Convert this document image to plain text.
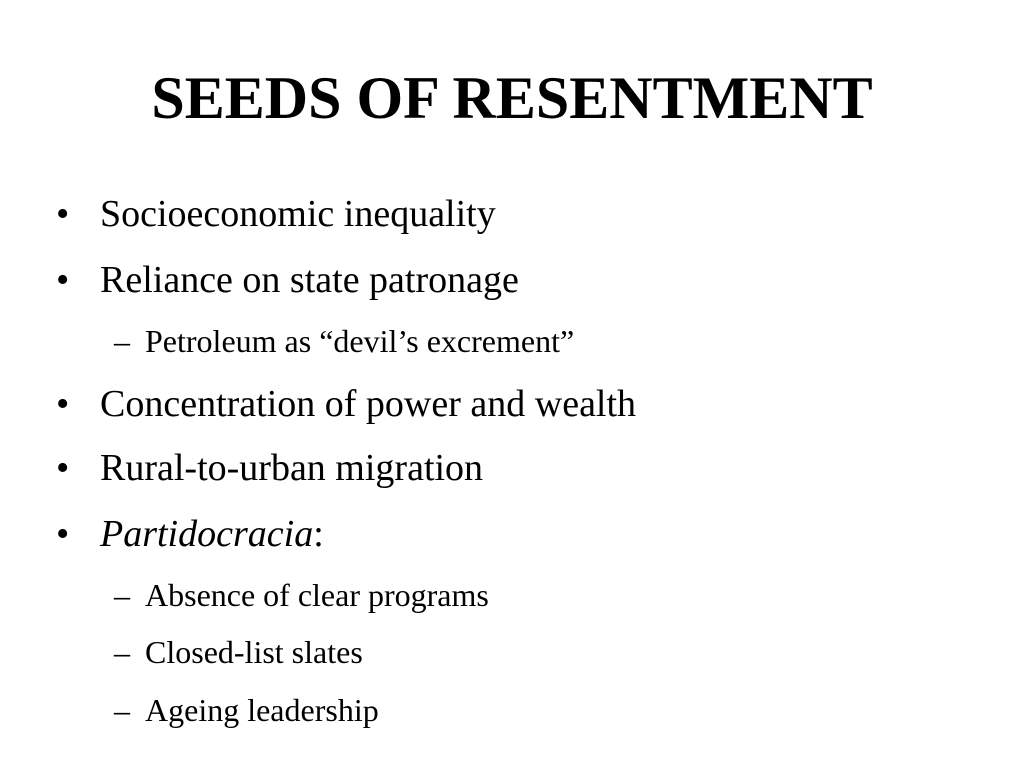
SEEDS OF RESENTMENT
• Socioeconomic inequality
• Reliance on state patronage
– Petroleum as “devil’s excrement”
• Concentration of power and wealth
• Rural-to-urban migration
• Partidocracia:
– Absence of clear programs
– Closed-list slates
– Ageing leadership
